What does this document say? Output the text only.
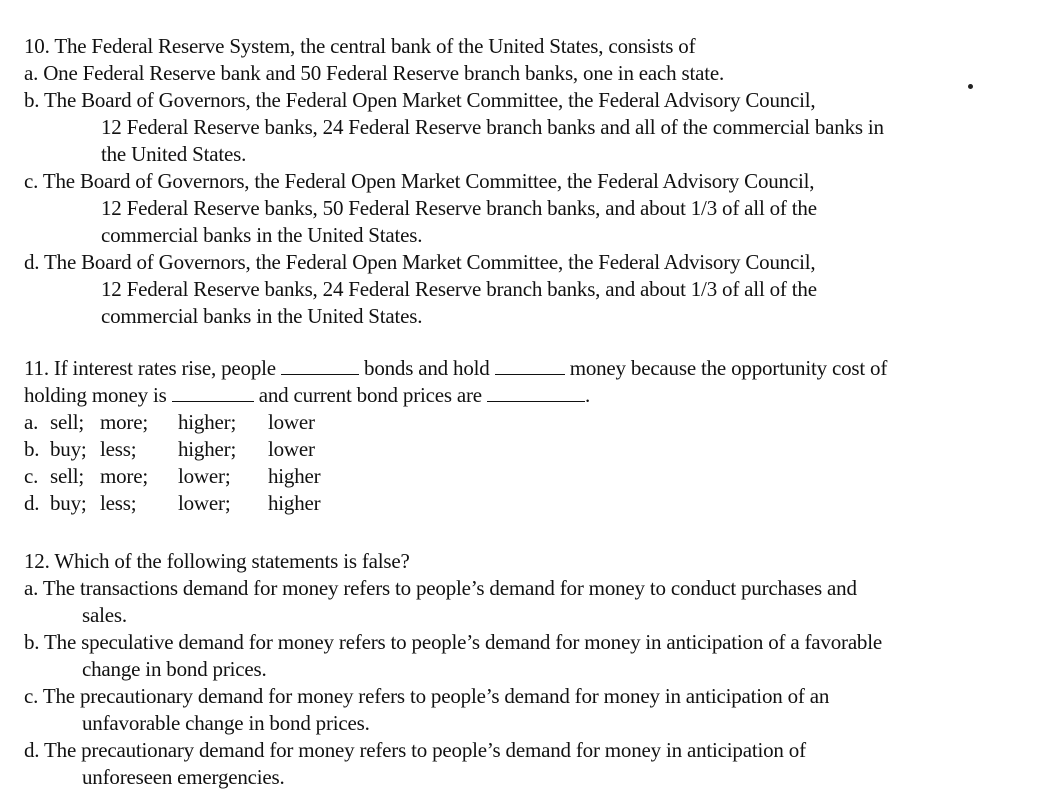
10. The Federal Reserve System, the central bank of the United States, consists of
a. One Federal Reserve bank and 50 Federal Reserve branch banks, one in each state.
b. The Board of Governors, the Federal Open Market Committee, the Federal Advisory Council,
12 Federal Reserve banks, 24 Federal Reserve branch banks and all of the commercial banks in
the United States.
c. The Board of Governors, the Federal Open Market Committee, the Federal Advisory Council,
12 Federal Reserve banks, 50 Federal Reserve branch banks, and about 1/3 of all of the
commercial banks in the United States.
d. The Board of Governors, the Federal Open Market Committee, the Federal Advisory Council,
12 Federal Reserve banks, 24 Federal Reserve branch banks, and about 1/3 of all of the
commercial banks in the United States.
11. If interest rates rise, people	bonds and hold	money because the opportunity cost of
holding money is	and current bond prices are	.
a. sell; more; higher; lower
b. buy; less; higher; lower
c. sell; more; lower; higher
d. buy; less; lower; higher
12. Which of the following statements is false?
a. The transactions demand for money refers to people’s demand for money to conduct purchases and
sales.
b. The speculative demand for money refers to people’s demand for money in anticipation of a favorable
change in bond prices.
c. The precautionary demand for money refers to people’s demand for money in anticipation of an
unfavorable change in bond prices.
d. The precautionary demand for money refers to people’s demand for money in anticipation of
unforeseen emergencies.
